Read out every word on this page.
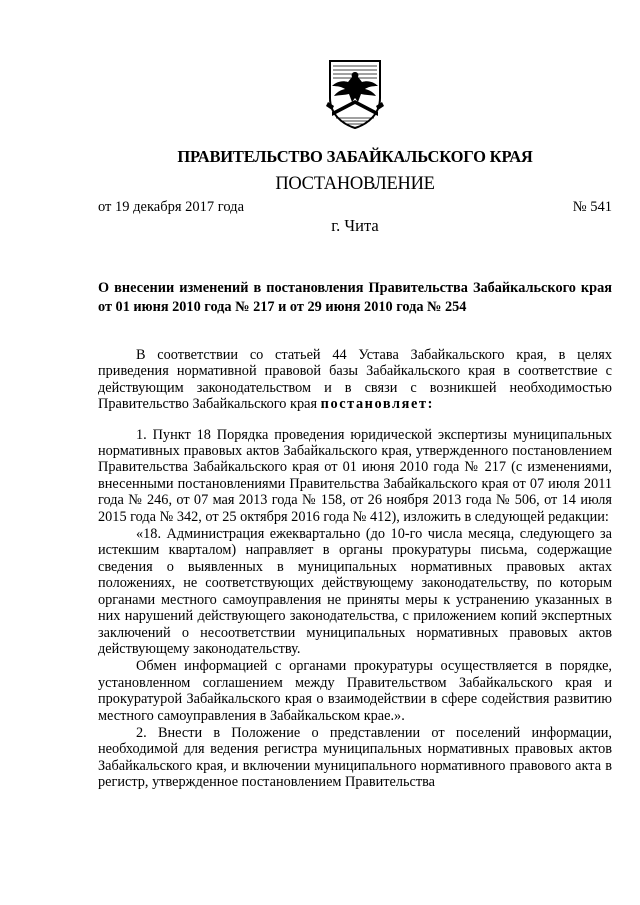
ПРАВИТЕЛЬСТВО ЗАБАЙКАЛЬСКОГО КРАЯ
ПОСТАНОВЛЕНИЕ
от 19 декабря 2017 года	№ 541
г. Чита
О внесении изменений в постановления Правительства Забайкальского края от 01 июня 2010 года № 217 и от 29 июня 2010 года № 254

В соответствии со статьей 44 Устава Забайкальского края, в целях приведения нормативной правовой базы Забайкальского края в соответствие с действующим законодательством и в связи с возникшей необходимостью Правительство Забайкальского края постановляет:

1. Пункт 18 Порядка проведения юридической экспертизы муниципальных нормативных правовых актов Забайкальского края, утвержденного постановлением Правительства Забайкальского края от 01 июня 2010 года № 217 (с изменениями, внесенными постановлениями Правительства Забайкальского края от 07 июля 2011 года № 246, от 07 мая 2013 года № 158, от 26 ноября 2013 года № 506, от 14 июля 2015 года № 342, от 25 октября 2016 года № 412), изложить в следующей редакции:

«18. Администрация ежеквартально (до 10-го числа месяца, следующего за истекшим кварталом) направляет в органы прокуратуры письма, содержащие сведения о выявленных в муниципальных нормативных правовых актах положениях, не соответствующих действующему законодательству, по которым органами местного самоуправления не приняты меры к устранению указанных в них нарушений действующего законодательства, с приложением копий экспертных заключений о несоответствии муниципальных нормативных правовых актов действующему законодательству.

Обмен информацией с органами прокуратуры осуществляется в порядке, установленном соглашением между Правительством Забайкальского края и прокуратурой Забайкальского края о взаимодействии в сфере содействия развитию местного самоуправления в Забайкальском крае.».

2. Внести в Положение о представлении от поселений информации, необходимой для ведения регистра муниципальных нормативных правовых актов Забайкальского края, и включении муниципального нормативного правового акта в регистр, утвержденное постановлением Правительства
